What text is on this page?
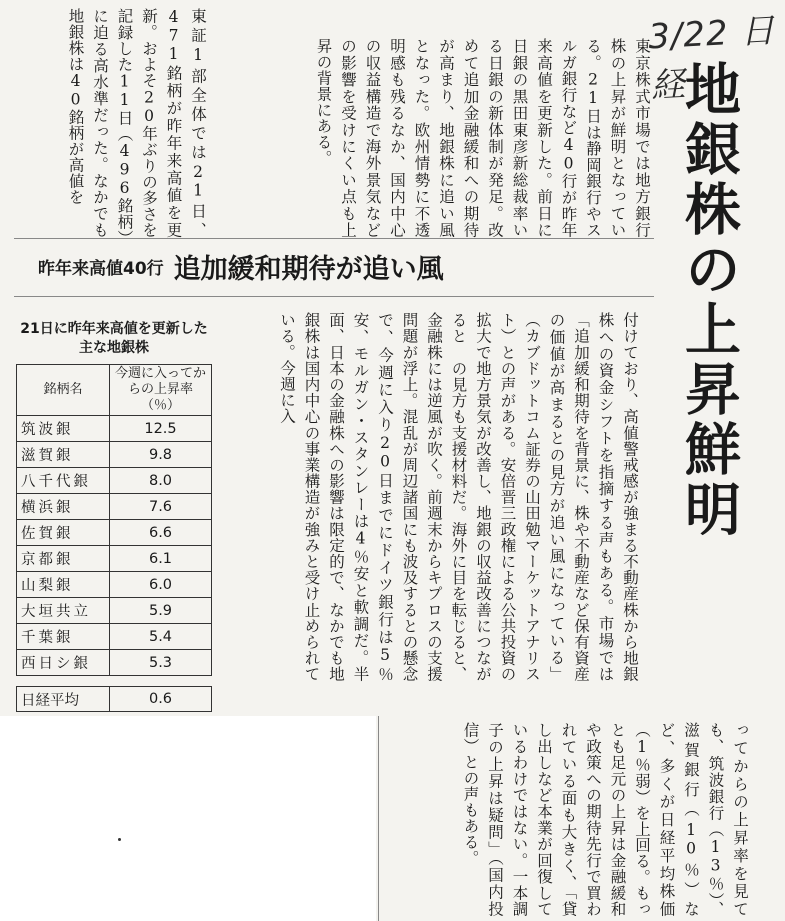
3/22 日経
地銀株の上昇鮮明
東京株式市場では地方銀行株の上昇が鮮明となっている。21日は静岡銀行やスルガ銀行など40行が昨年来高値を更新した。前日に日銀の黒田東彦新総裁率いる日銀の新体制が発足。改めて追加金融緩和への期待が高まり、地銀株に追い風となった。欧州情勢に不透明感も残るなか、国内中心の収益構造で海外景気などの影響を受けにくい点も上昇の背景にある。
東証1部全体では21日、471銘柄が昨年来高値を更新。およそ20年ぶりの多さを記録した11日（496銘柄）に迫る高水準だった。なかでも地銀株は40銘柄が高値を
昨年来高値40行 追加緩和期待が追い風
付けており、高値警戒感が強まる不動産株から地銀株への資金シフトを指摘する声もある。市場では「追加緩和期待を背景に、株や不動産など保有資産の価値が高まるとの見方が追い風になっている」（カブドットコム証券の山田勉マーケットアナリスト）との声がある。安倍晋三政権による公共投資の拡大で地方景気が改善し、地銀の収益改善につながると　の見方も支援材料だ。海外に目を転じると、金融株には逆風が吹く。前週末からキプロスの支援問題が浮上。混乱が周辺諸国にも波及するとの懸念で、今週に入り20日までにドイツ銀行は5％安、モルガン・スタンレーは4％安と軟調だ。半面、日本の金融株への影響は限定的で、なかでも地銀株は国内中心の事業構造が強みと受け止められている。今週に入
ってからの上昇率を見ても、筑波銀行（13％）、滋賀銀行（10％）など、多くが日経平均株価（1％弱）を上回る。もっとも足元の上昇は金融緩和や政策への期待先行で買われている面も大きく、「貸し出しなど本業が回復しているわけではない。一本調子の上昇は疑問」（国内投信）との声もある。
21日に昨年来高値を更新した主な地銀株
銘柄名	今週に入ってからの上昇率（％）
筑波銀	12.5
滋賀銀	9.8
八千代銀	8.0
横浜銀	7.6
佐賀銀	6.6
京都銀	6.1
山梨銀	6.0
大垣共立	5.9
千葉銀	5.4
西日シ銀	5.3
日経平均	0.6
